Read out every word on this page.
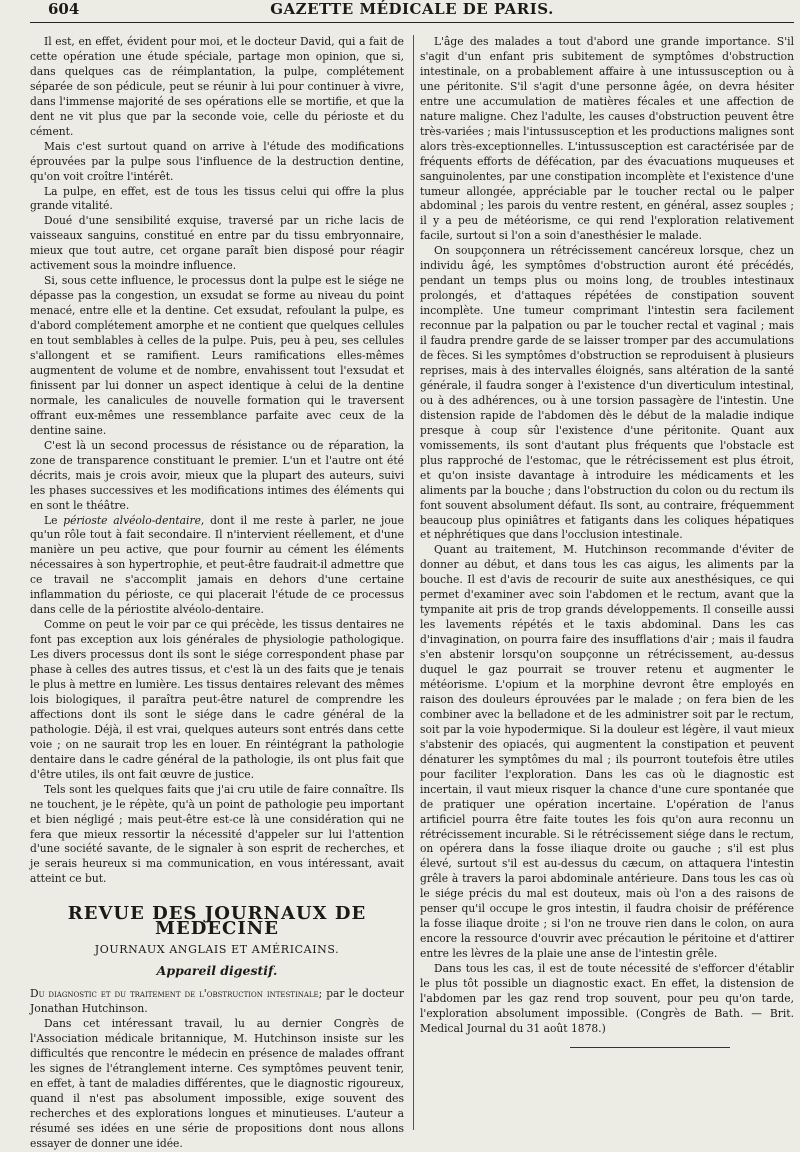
604	GAZETTE MÉDICALE DE PARIS.

Il est, en effet, évident pour moi, et le docteur David, qui a fait de cette opération une étude spéciale, partage mon opinion, que si, dans quelques cas de réimplantation, la pulpe, complétement séparée de son pédicule, peut se réunir à lui pour continuer à vivre, dans l'immense majorité de ses opérations elle se mortifie, et que la dent ne vit plus que par la seconde voie, celle du périoste et du cément.

Mais c'est surtout quand on arrive à l'étude des modifications éprouvées par la pulpe sous l'influence de la destruction dentine, qu'on voit croître l'intérêt.

La pulpe, en effet, est de tous les tissus celui qui offre la plus grande vitalité.

Doué d'une sensibilité exquise, traversé par un riche lacis de vaisseaux sanguins, constitué en entre par du tissu embryonnaire, mieux que tout autre, cet organe paraît bien disposé pour réagir activement sous la moindre influence.

Si, sous cette influence, le processus dont la pulpe est le siége ne dépasse pas la congestion, un exsudat se forme au niveau du point menacé, entre elle et la dentine. Cet exsudat, refoulant la pulpe, es d'abord complétement amorphe et ne contient que quelques cellules en tout semblables à celles de la pulpe. Puis, peu à peu, ses cellules s'allongent et se ramifient. Leurs ramifications elles-mêmes augmentent de volume et de nombre, envahissent tout l'exsudat et finissent par lui donner un aspect identique à celui de la dentine normale, les canalicules de nouvelle formation qui le traversent offrant eux-mêmes une ressemblance parfaite avec ceux de la dentine saine.

C'est là un second processus de résistance ou de réparation, la zone de transparence constituant le premier. L'un et l'autre ont été décrits, mais je crois avoir, mieux que la plupart des auteurs, suivi les phases successives et les modifications intimes des éléments qui en sont le théâtre.

Le périoste alvéolo-dentaire, dont il me reste à parler, ne joue qu'un rôle tout à fait secondaire. Il n'intervient réellement, et d'une manière un peu active, que pour fournir au cément les éléments nécessaires à son hypertrophie, et peut-être faudrait-il admettre que ce travail ne s'accomplit jamais en dehors d'une certaine inflammation du périoste, ce qui placerait l'étude de ce processus dans celle de la périostite alvéolo-dentaire.

Comme on peut le voir par ce qui précède, les tissus dentaires ne font pas exception aux lois générales de physiologie pathologique. Les divers processus dont ils sont le siége correspondent phase par phase à celles des autres tissus, et c'est là un des faits que je tenais le plus à mettre en lumière. Les tissus dentaires relevant des mêmes lois biologiques, il paraîtra peut-être naturel de comprendre les affections dont ils sont le siége dans le cadre général de la pathologie. Déjà, il est vrai, quelques auteurs sont entrés dans cette voie ; on ne saurait trop les en louer. En réintégrant la pathologie dentaire dans le cadre général de la pathologie, ils ont plus fait que d'être utiles, ils ont fait œuvre de justice.

Tels sont les quelques faits que j'ai cru utile de faire connaître. Ils ne touchent, je le répète, qu'à un point de pathologie peu important et bien négligé ; mais peut-être est-ce là une considération qui ne fera que mieux ressortir la nécessité d'appeler sur lui l'attention d'une société savante, de le signaler à son esprit de recherches, et je serais heureux si ma communication, en vous intéressant, avait atteint ce but.

REVUE DES JOURNAUX DE MEDECINE
JOURNAUX ANGLAIS ET AMÉRICAINS.
Appareil digestif.

Du diagnostic et du traitement de l'obstruction intestinale; par le docteur Jonathan Hutchinson.

Dans cet intéressant travail, lu au dernier Congrès de l'Association médicale britannique, M. Hutchinson insiste sur les difficultés que rencontre le médecin en présence de malades offrant les signes de l'étranglement interne. Ces symptômes peuvent tenir, en effet, à tant de maladies différentes, que le diagnostic rigoureux, quand il n'est pas absolument impossible, exige souvent des recherches et des explorations longues et minutieuses. L'auteur a résumé ses idées en une série de propositions dont nous allons essayer de donner une idée.

L'âge des malades a tout d'abord une grande importance. S'il s'agit d'un enfant pris subitement de symptômes d'obstruction intestinale, on a probablement affaire à une intussusception ou à une péritonite. S'il s'agit d'une personne âgée, on devra hésiter entre une accumulation de matières fécales et une affection de nature maligne. Chez l'adulte, les causes d'obstruction peuvent être très-variées ; mais l'intussusception et les productions malignes sont alors très-exceptionnelles. L'intussusception est caractérisée par de fréquents efforts de défécation, par des évacuations muqueuses et sanguinolentes, par une constipation incomplète et l'existence d'une tumeur allongée, appréciable par le toucher rectal ou le palper abdominal ; les parois du ventre restent, en général, assez souples ; il y a peu de météorisme, ce qui rend l'exploration relativement facile, surtout si l'on a soin d'anesthésier le malade.

On soupçonnera un rétrécissement cancéreux lorsque, chez un individu âgé, les symptômes d'obstruction auront été précédés, pendant un temps plus ou moins long, de troubles intestinaux prolongés, et d'attaques répétées de constipation souvent incomplète. Une tumeur comprimant l'intestin sera facilement reconnue par la palpation ou par le toucher rectal et vaginal ; mais il faudra prendre garde de se laisser tromper par des accumulations de fèces. Si les symptômes d'obstruction se reproduisent à plusieurs reprises, mais à des intervalles éloignés, sans altération de la santé générale, il faudra songer à l'existence d'un diverticulum intestinal, ou à des adhérences, ou à une torsion passagère de l'intestin. Une distension rapide de l'abdomen dès le début de la maladie indique presque à coup sûr l'existence d'une péritonite. Quant aux vomissements, ils sont d'autant plus fréquents que l'obstacle est plus rapproché de l'estomac, que le rétrécissement est plus étroit, et qu'on insiste davantage à introduire les médicaments et les aliments par la bouche ; dans l'obstruction du colon ou du rectum ils font souvent absolument défaut. Ils sont, au contraire, fréquemment beaucoup plus opiniâtres et fatigants dans les coliques hépatiques et néphrétiques que dans l'occlusion intestinale.

Quant au traitement, M. Hutchinson recommande d'éviter de donner au début, et dans tous les cas aigus, les aliments par la bouche. Il est d'avis de recourir de suite aux anesthésiques, ce qui permet d'examiner avec soin l'abdomen et le rectum, avant que la tympanite ait pris de trop grands développements. Il conseille aussi les lavements répétés et le taxis abdominal. Dans les cas d'invagination, on pourra faire des insufflations d'air ; mais il faudra s'en abstenir lorsqu'on soupçonne un rétrécissement, au-dessus duquel le gaz pourrait se trouver retenu et augmenter le météorisme. L'opium et la morphine devront être employés en raison des douleurs éprouvées par le malade ; on fera bien de les combiner avec la belladone et de les administrer soit par le rectum, soit par la voie hypodermique. Si la douleur est légère, il vaut mieux s'abstenir des opiacés, qui augmentent la constipation et peuvent dénaturer les symptômes du mal ; ils pourront toutefois être utiles pour faciliter l'exploration. Dans les cas où le diagnostic est incertain, il vaut mieux risquer la chance d'une cure spontanée que de pratiquer une opération incertaine. L'opération de l'anus artificiel pourra être faite toutes les fois qu'on aura reconnu un rétrécissement incurable. Si le rétrécissement siége dans le rectum, on opérera dans la fosse iliaque droite ou gauche ; s'il est plus élevé, surtout s'il est au-dessus du cæcum, on attaquera l'intestin grêle à travers la paroi abdominale antérieure. Dans tous les cas où le siége précis du mal est douteux, mais où l'on a des raisons de penser qu'il occupe le gros intestin, il faudra choisir de préférence la fosse iliaque droite ; si l'on ne trouve rien dans le colon, on aura encore la ressource d'ouvrir avec précaution le péritoine et d'attirer entre les lèvres de la plaie une anse de l'intestin grêle.

Dans tous les cas, il est de toute nécessité de s'efforcer d'établir le plus tôt possible un diagnostic exact. En effet, la distension de l'abdomen par les gaz rend trop souvent, pour peu qu'on tarde, l'exploration absolument impossible. (Congrès de Bath. — Brit. Medical Journal du 31 août 1878.)
